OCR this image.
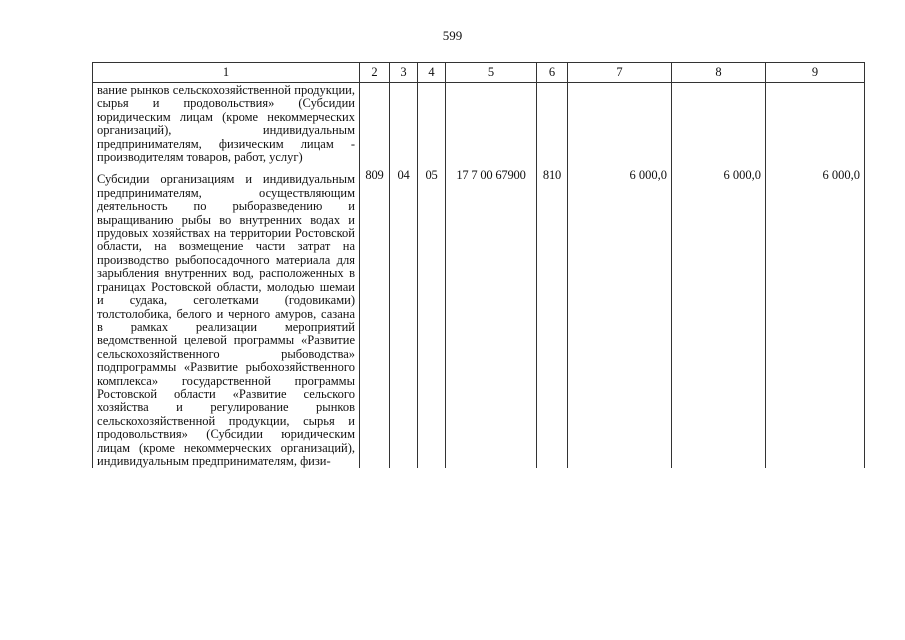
599
1	2	3	4	5	6	7	8	9
вание рынков сельскохозяйственной продукции, сырья и продовольствия» (Субсидии юридическим лицам (кроме некоммерческих организаций), индивидуальным предпринимателям, физическим лицам - производителям товаров, работ, услуг)								
Субсидии организациям и индивидуальным предпринимателям, осуществляющим деятельность по рыборазведению и выращиванию рыбы во внутренних водах и прудовых хозяйствах на территории Ростовской области, на возмещение части затрат на производство рыбопосадочного материала для зарыбления внутренних вод, расположенных в границах Ростовской области, молодью шемаи и судака, сеголетками (годовиками) толстолобика, белого и черного амуров, сазана в рамках реализации мероприятий ведомственной целевой программы «Развитие сельскохозяйственного рыбоводства» подпрограммы «Развитие рыбохозяйственного комплекса» государственной программы Ростовской области «Развитие сельского хозяйства и регулирование рынков сельскохозяйственной продукции, сырья и продовольствия» (Субсидии юридическим лицам (кроме некоммерческих организаций), индивидуальным предпринимателям, физи-	809	04	05	17 7 00 67900	810	6 000,0	6 000,0	6 000,0
